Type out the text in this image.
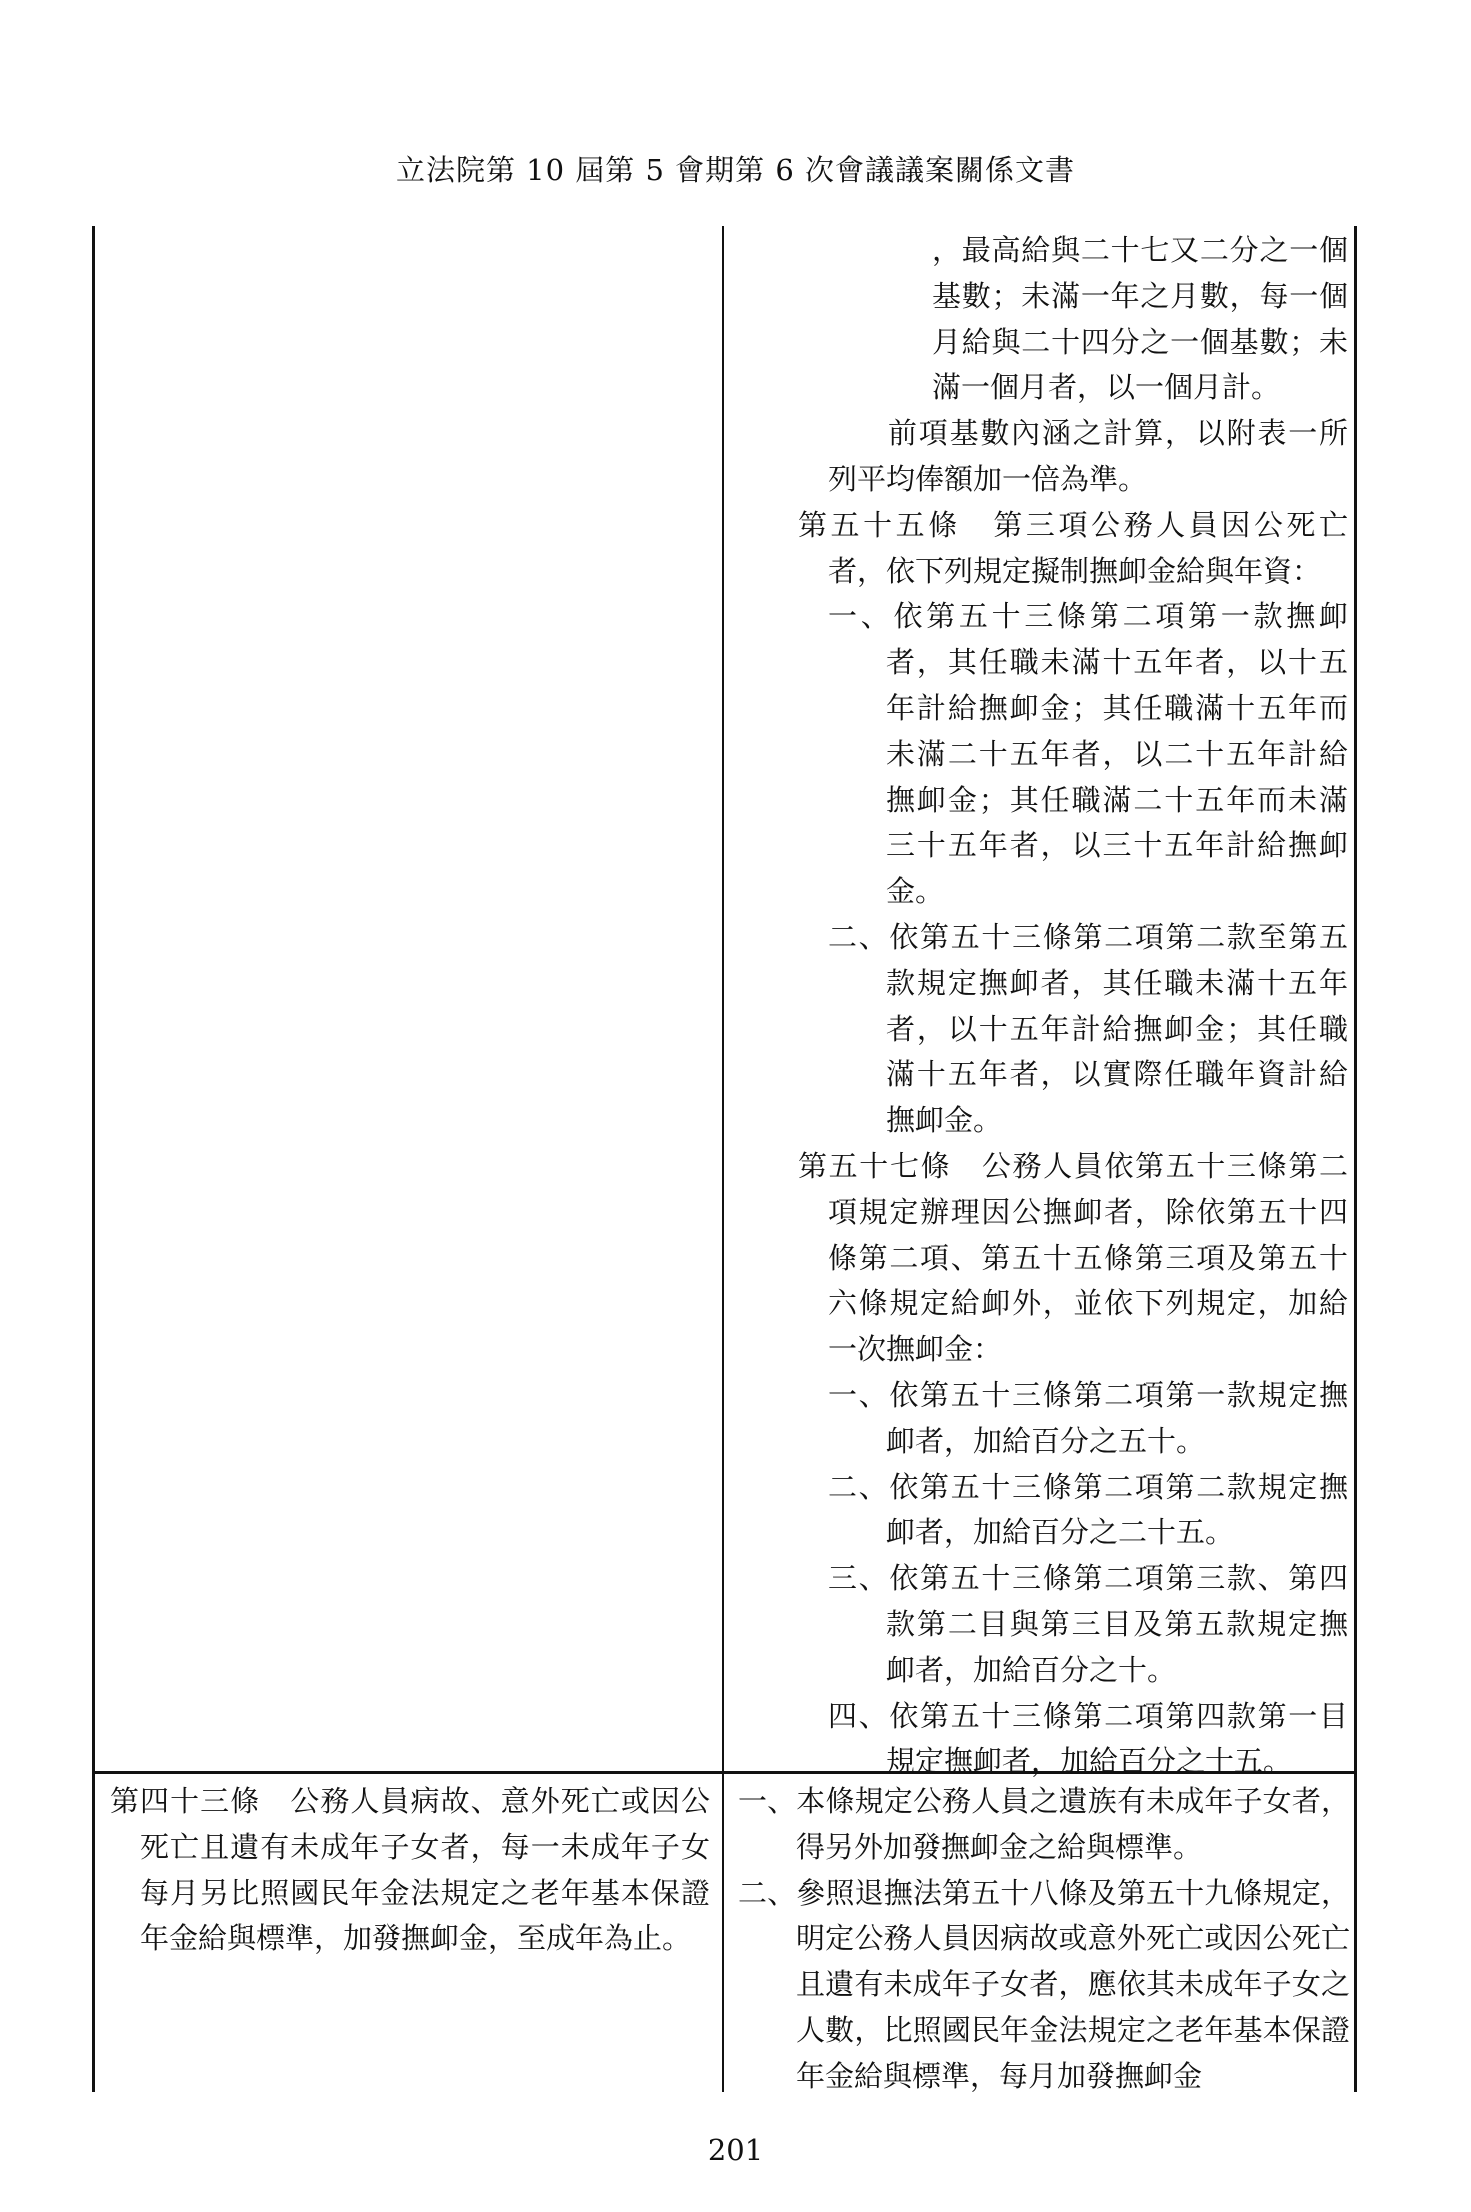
立法院第 10 屆第 5 會期第 6 次會議議案關係文書

，最高給與二十七又二分之一個基數；未滿一年之月數，每一個月給與二十四分之一個基數；未滿一個月者，以一個月計。

前項基數內涵之計算，以附表一所列平均俸額加一倍為準。

第五十五條　第三項公務人員因公死亡者，依下列規定擬制撫卹金給與年資：

一、依第五十三條第二項第一款撫卹者，其任職未滿十五年者，以十五年計給撫卹金；其任職滿十五年而未滿二十五年者，以二十五年計給撫卹金；其任職滿二十五年而未滿三十五年者，以三十五年計給撫卹金。

二、依第五十三條第二項第二款至第五款規定撫卹者，其任職未滿十五年者，以十五年計給撫卹金；其任職滿十五年者，以實際任職年資計給撫卹金。

第五十七條　公務人員依第五十三條第二項規定辦理因公撫卹者，除依第五十四條第二項、第五十五條第三項及第五十六條規定給卹外，並依下列規定，加給一次撫卹金：

一、依第五十三條第二項第一款規定撫卹者，加給百分之五十。

二、依第五十三條第二項第二款規定撫卹者，加給百分之二十五。

三、依第五十三條第二項第三款、第四款第二目與第三目及第五款規定撫卹者，加給百分之十。

四、依第五十三條第二項第四款第一目規定撫卹者，加給百分之十五。

第四十三條　公務人員病故、意外死亡或因公死亡且遺有未成年子女者，每一未成年子女每月另比照國民年金法規定之老年基本保證年金給與標準，加發撫卹金，至成年為止。

一、本條規定公務人員之遺族有未成年子女者，得另外加發撫卹金之給與標準。

二、參照退撫法第五十八條及第五十九條規定，明定公務人員因病故或意外死亡或因公死亡且遺有未成年子女者，應依其未成年子女之人數，比照國民年金法規定之老年基本保證年金給與標準，每月加發撫卹金

201
